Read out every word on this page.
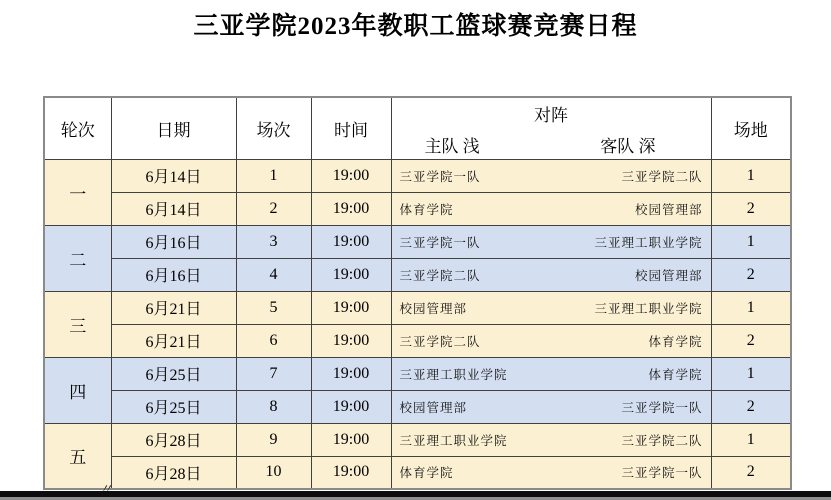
三亚学院2023年教职工篮球赛竞赛日程
轮次	日期	场次	时间	对阵
主队 浅 客队 深	场地
一	6月14日	1	19:00	三亚学院一队 三亚学院二队	1
	6月14日	2	19:00	体育学院 校园管理部	2
二	6月16日	3	19:00	三亚学院一队 三亚理工职业学院	1
	6月16日	4	19:00	三亚学院二队 校园管理部	2
三	6月21日	5	19:00	校园管理部 三亚理工职业学院	1
	6月21日	6	19:00	三亚学院二队 体育学院	2
四	6月25日	7	19:00	三亚理工职业学院 体育学院	1
	6月25日	8	19:00	校园管理部 三亚学院一队	2
五	6月28日	9	19:00	三亚理工职业学院 三亚学院二队	1
	6月28日	10	19:00	体育学院 三亚学院一队	2
